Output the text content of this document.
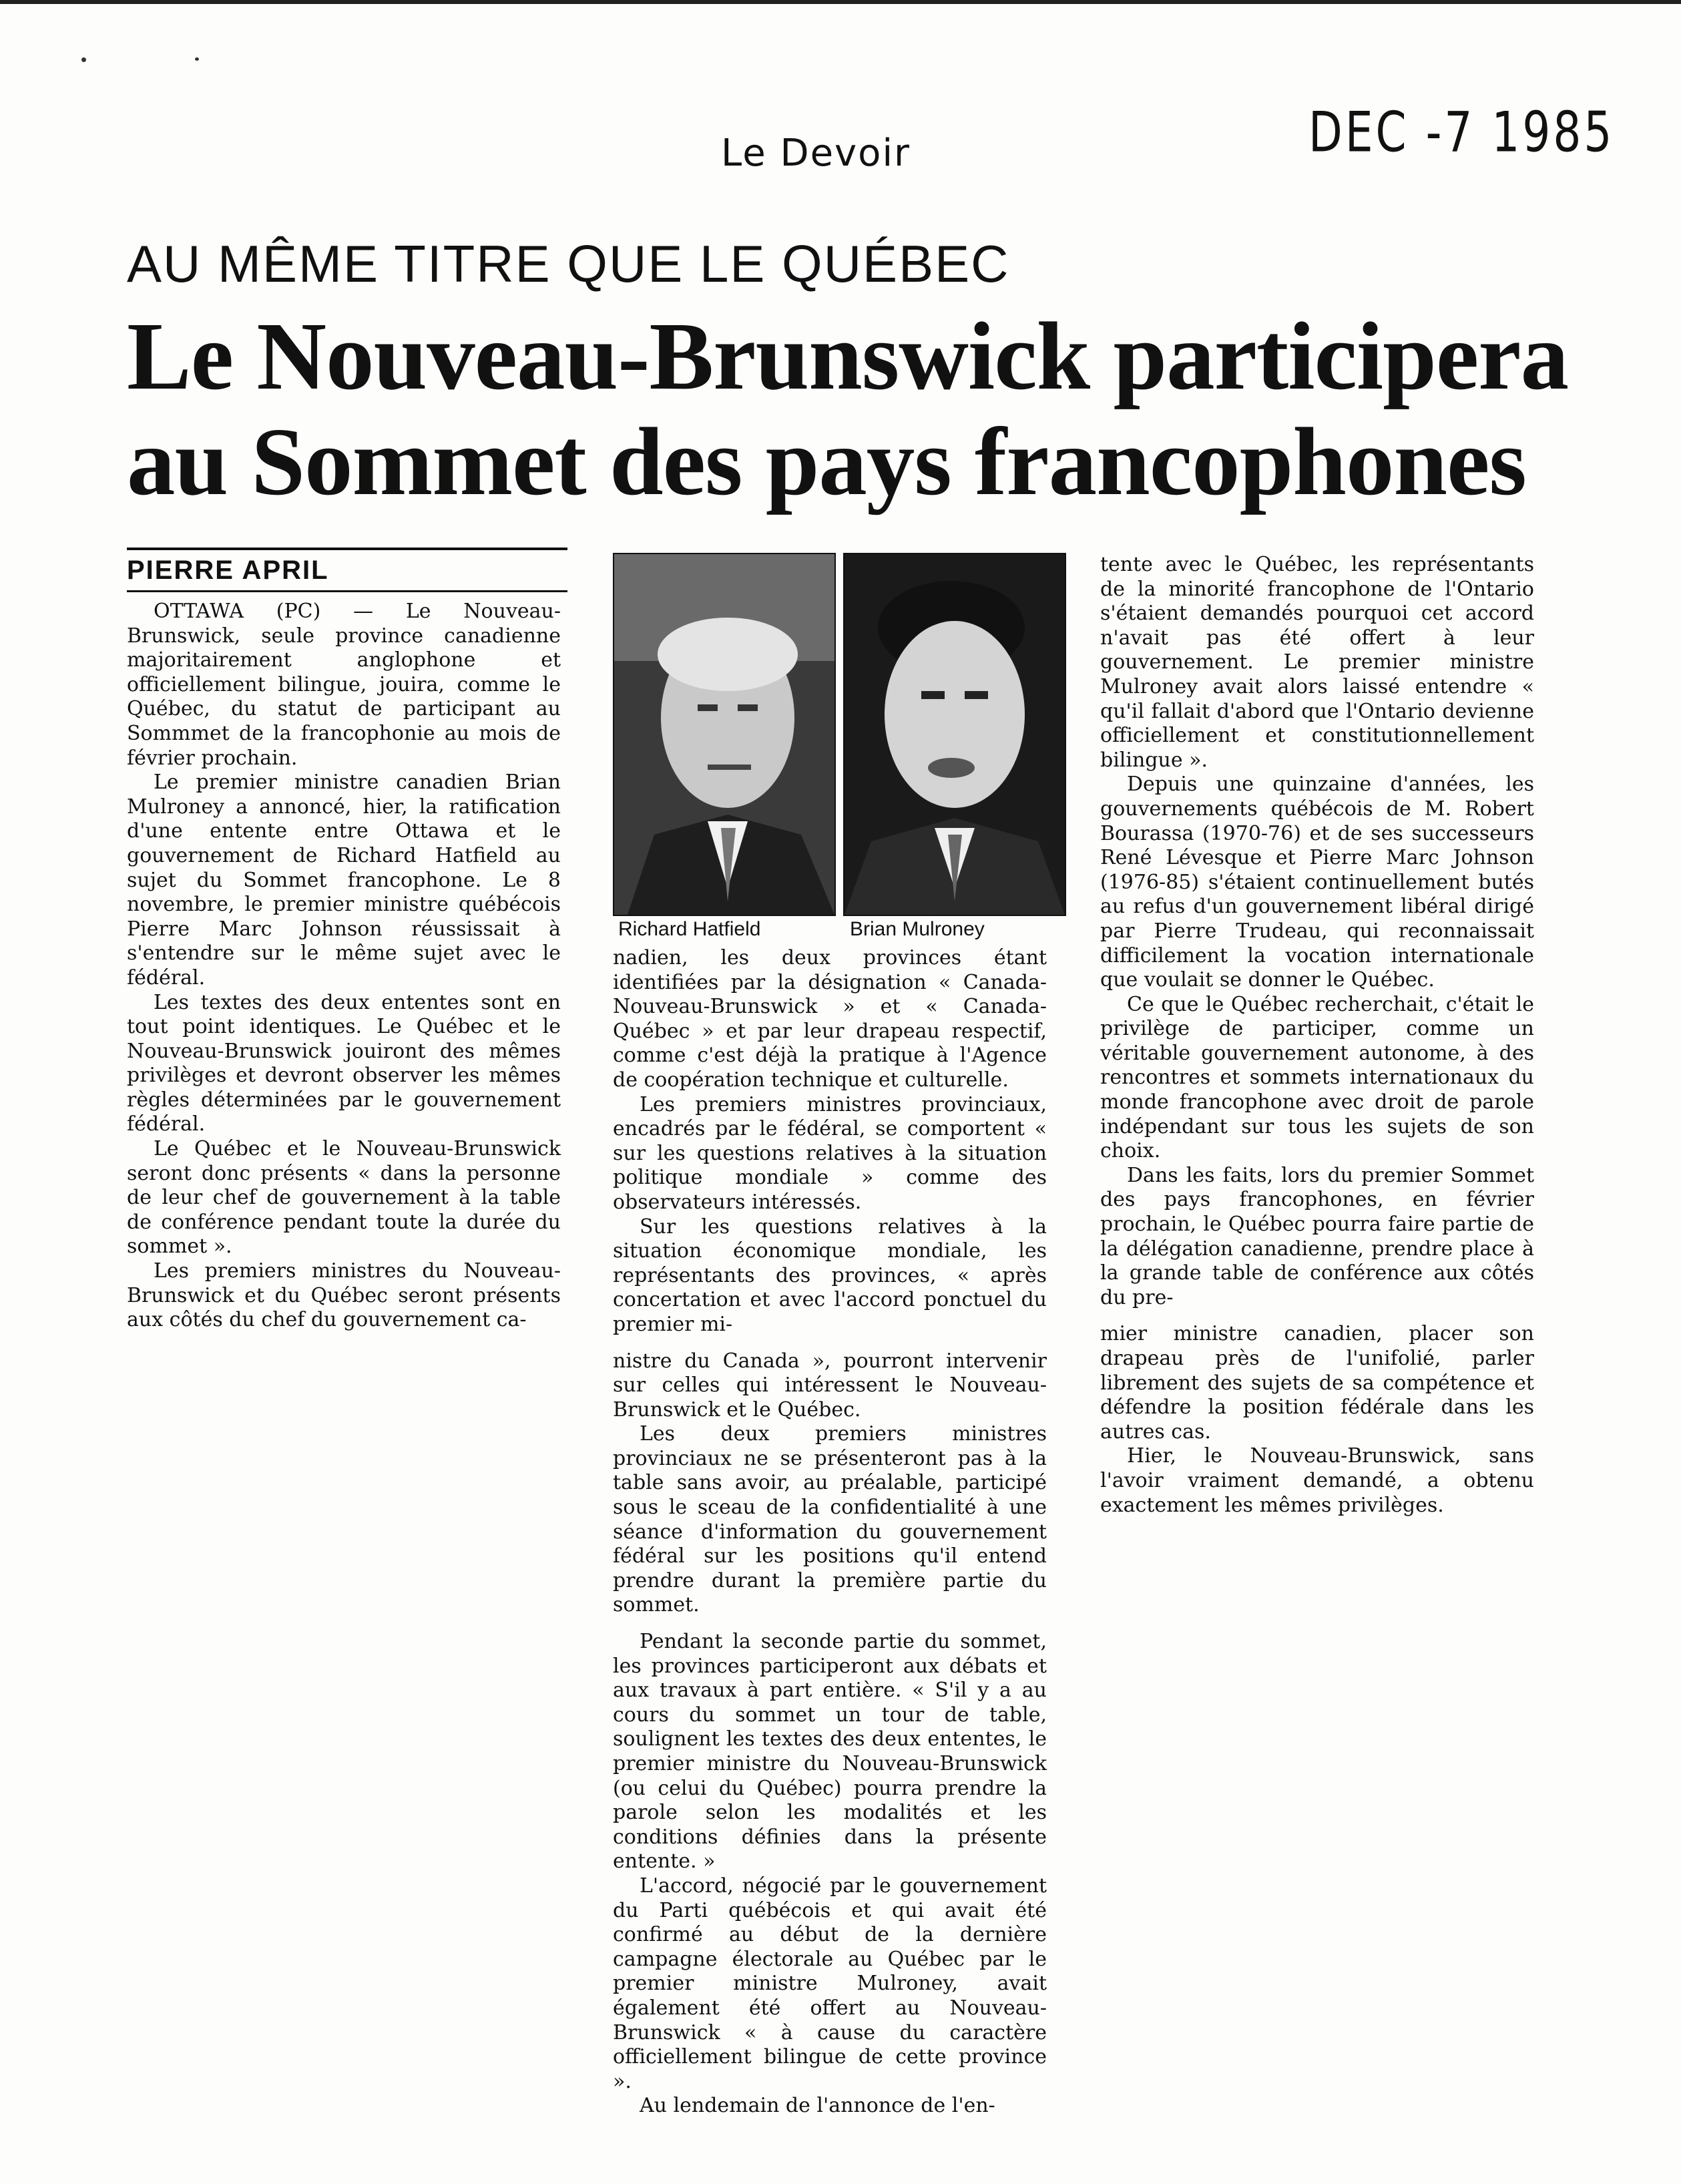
Le Devoir	DEC -7 1985
AU MÊME TITRE QUE LE QUÉBEC
Le Nouveau-Brunswick participera
au Sommet des pays francophones
PIERRE APRIL

OTTAWA (PC) — Le Nouveau-Brunswick, seule province canadienne majoritairement anglophone et officiellement bilingue, jouira, comme le Québec, du statut de participant au Sommmet de la francophonie au mois de février prochain.

Le premier ministre canadien Brian Mulroney a annoncé, hier, la ratification d'une entente entre Ottawa et le gouvernement de Richard Hatfield au sujet du Sommet francophone. Le 8 novembre, le premier ministre québécois Pierre Marc Johnson réussissait à s'entendre sur le même sujet avec le fédéral.

Les textes des deux ententes sont en tout point identiques. Le Québec et le Nouveau-Brunswick jouiront des mêmes privilèges et devront observer les mêmes règles déterminées par le gouvernement fédéral.

Le Québec et le Nouveau-Brunswick seront donc présents « dans la personne de leur chef de gouvernement à la table de conférence pendant toute la durée du sommet ».

Les premiers ministres du Nouveau-Brunswick et du Québec seront présents aux côtés du chef du gouvernement ca-

Richard Hatfield	Brian Mulroney

nadien, les deux provinces étant identifiées par la désignation « Canada-Nouveau-Brunswick » et « Canada-Québec » et par leur drapeau respectif, comme c'est déjà la pratique à l'Agence de coopération technique et culturelle.

Les premiers ministres provinciaux, encadrés par le fédéral, se comportent « sur les questions relatives à la situation politique mondiale » comme des observateurs intéressés.

Sur les questions relatives à la situation économique mondiale, les représentants des provinces, « après concertation et avec l'accord ponctuel du premier mi-

nistre du Canada », pourront intervenir sur celles qui intéressent le Nouveau-Brunswick et le Québec.

Les deux premiers ministres provinciaux ne se présenteront pas à la table sans avoir, au préalable, participé sous le sceau de la confidentialité à une séance d'information du gouvernement fédéral sur les positions qu'il entend prendre durant la première partie du sommet.

Pendant la seconde partie du sommet, les provinces participeront aux débats et aux travaux à part entière. « S'il y a au cours du sommet un tour de table, soulignent les textes des deux ententes, le premier ministre du Nouveau-Brunswick (ou celui du Québec) pourra prendre la parole selon les modalités et les conditions définies dans la présente entente. »

L'accord, négocié par le gouvernement du Parti québécois et qui avait été confirmé au début de la dernière campagne électorale au Québec par le premier ministre Mulroney, avait également été offert au Nouveau-Brunswick « à cause du caractère officiellement bilingue de cette province ».

Au lendemain de l'annonce de l'en-

tente avec le Québec, les représentants de la minorité francophone de l'Ontario s'étaient demandés pourquoi cet accord n'avait pas été offert à leur gouvernement. Le premier ministre Mulroney avait alors laissé entendre « qu'il fallait d'abord que l'Ontario devienne officiellement et constitutionnellement bilingue ».

Depuis une quinzaine d'années, les gouvernements québécois de M. Robert Bourassa (1970-76) et de ses successeurs René Lévesque et Pierre Marc Johnson (1976-85) s'étaient continuellement butés au refus d'un gouvernement libéral dirigé par Pierre Trudeau, qui reconnaissait difficilement la vocation internationale que voulait se donner le Québec.

Ce que le Québec recherchait, c'était le privilège de participer, comme un véritable gouvernement autonome, à des rencontres et sommets internationaux du monde francophone avec droit de parole indépendant sur tous les sujets de son choix.

Dans les faits, lors du premier Sommet des pays francophones, en février prochain, le Québec pourra faire partie de la délégation canadienne, prendre place à la grande table de conférence aux côtés du pre-

mier ministre canadien, placer son drapeau près de l'unifolié, parler librement des sujets de sa compétence et défendre la position fédérale dans les autres cas.

Hier, le Nouveau-Brunswick, sans l'avoir vraiment demandé, a obtenu exactement les mêmes privilèges.
